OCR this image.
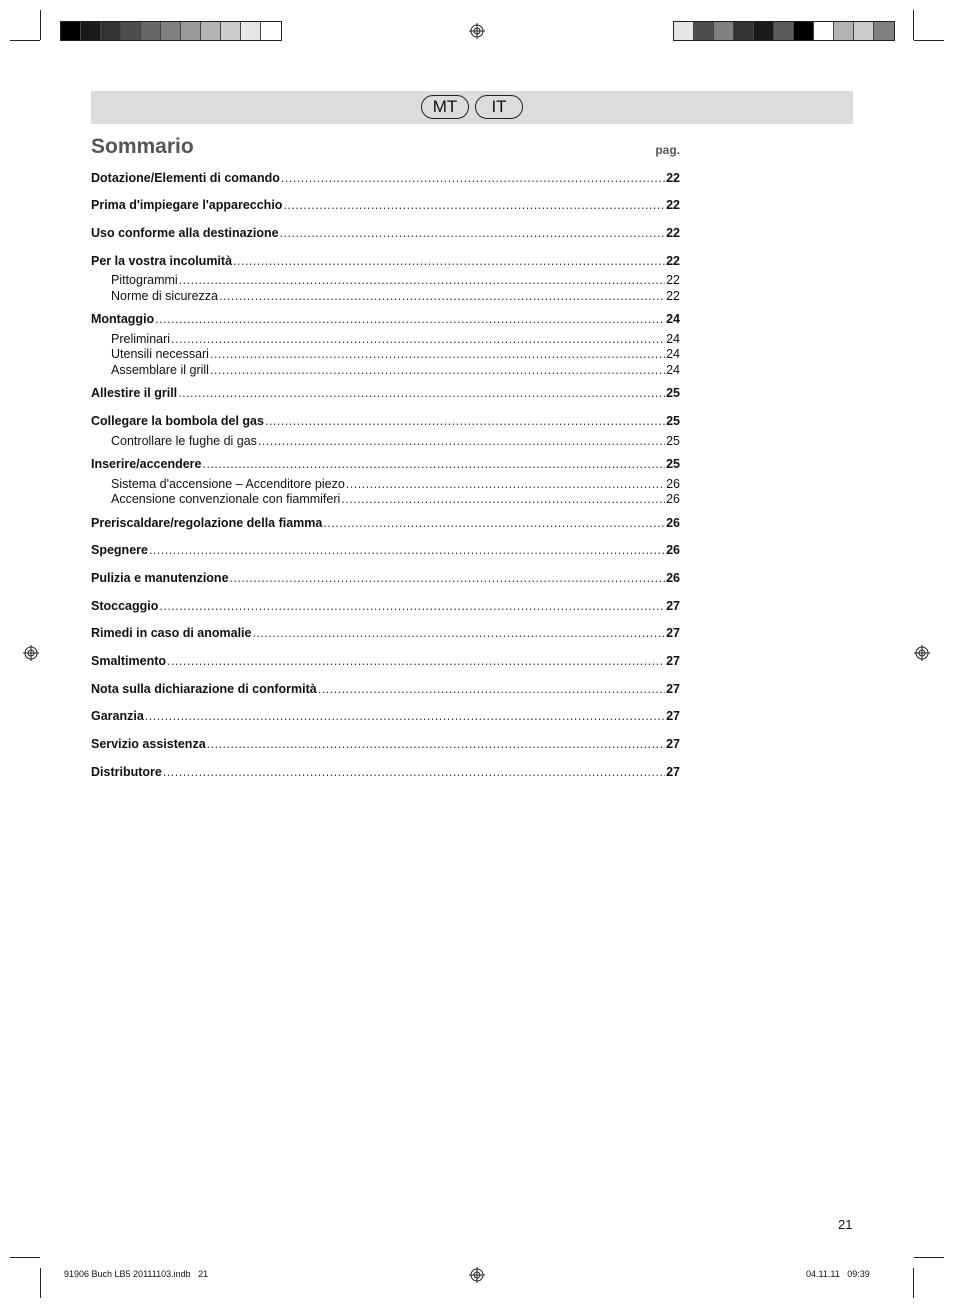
MT	IT
Sommario	pag.
Dotazione/Elementi di comando .....	22
Prima d'impiegare l'apparecchio .....	22
Uso conforme alla destinazione .....	22
Per la vostra incolumità .....	22
Pittogrammi .....	22
Norme di sicurezza .....	22
Montaggio .....	24
Preliminari .....	24
Utensili necessari .....	24
Assemblare il grill .....	24
Allestire il grill .....	25
Collegare la bombola del gas .....	25
Controllare le fughe di gas .....	25
Inserire/accendere .....	25
Sistema d'accensione – Accenditore piezo .....	26
Accensione convenzionale con fiammiferi .....	26
Preriscaldare/regolazione della fiamma .....	26
Spegnere .....	26
Pulizia e manutenzione .....	26
Stoccaggio .....	27
Rimedi in caso di anomalie .....	27
Smaltimento .....	27
Nota sulla dichiarazione di conformità .....	27
Garanzia .....	27
Servizio assistenza .....	27
Distributore .....	27
21
91906 Buch LB5 20111103.indb   21	04.11.11   09:39
